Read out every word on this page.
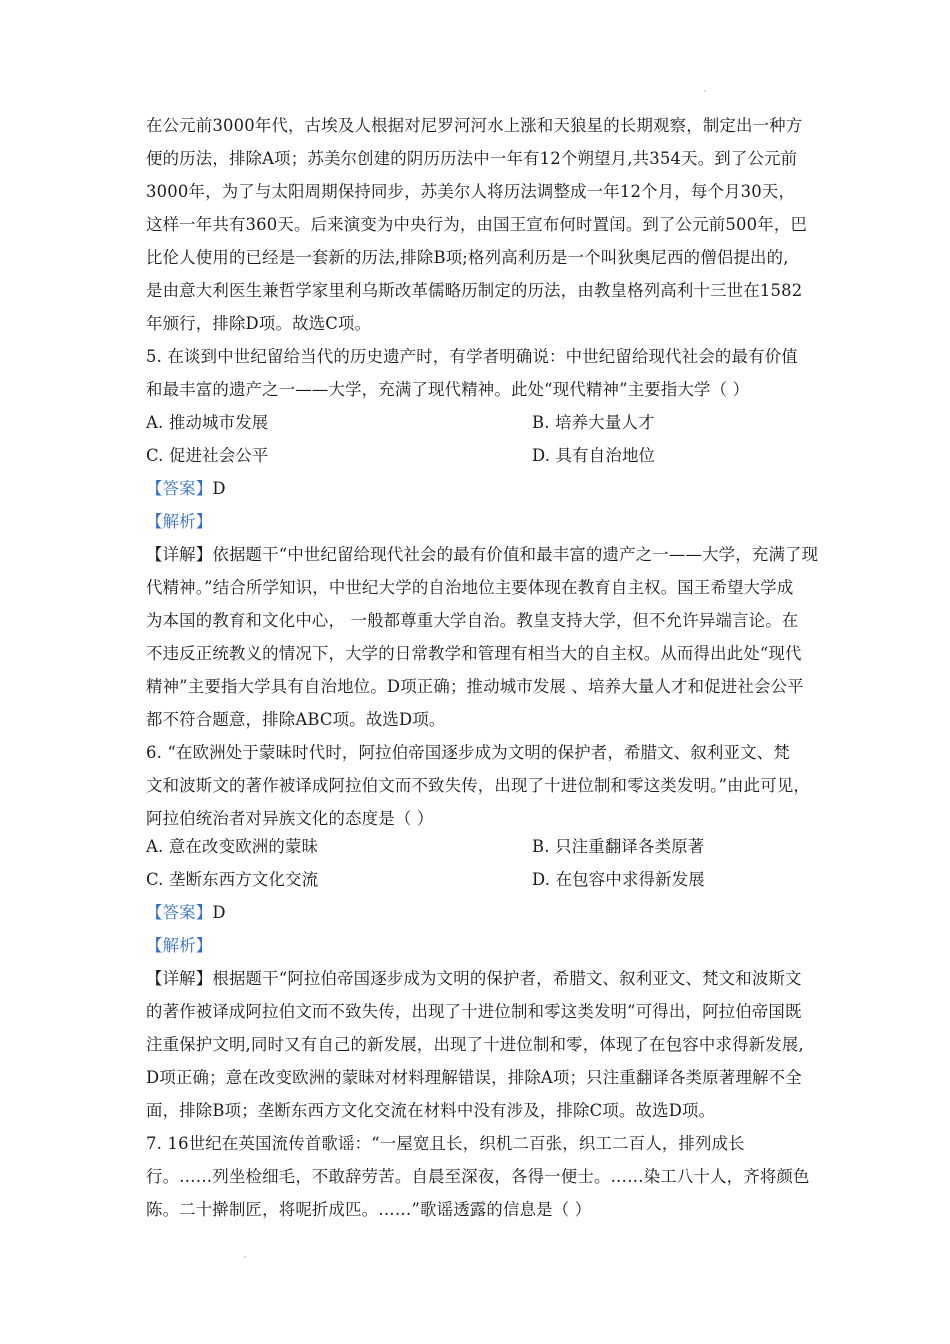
在公元前3000年代，古埃及人根据对尼罗河河水上涨和天狼星的长期观察，制定出一种方
便的历法，排除A项；苏美尔创建的阴历历法中一年有12个朔望月,共354天。到了公元前
3000年，为了与太阳周期保持同步，苏美尔人将历法调整成一年12个月，每个月30天，
这样一年共有360天。后来演变为中央行为，由国王宣布何时置闰。到了公元前500年，巴
比伦人使用的已经是一套新的历法,排除B项;格列高利历是一个叫狄奥尼西的僧侣提出的,
是由意大利医生兼哲学家里利乌斯改革儒略历制定的历法，由教皇格列高利十三世在1582
年颁行，排除D项。故选C项。
5. 在谈到中世纪留给当代的历史遗产时，有学者明确说：中世纪留给现代社会的最有价值
和最丰富的遗产之一——大学，充满了现代精神。此处“现代精神”主要指大学（ ）
A. 推动城市发展	B. 培养大量人才
C. 促进社会公平	D. 具有自治地位
【答案】D
【解析】
【详解】依据题干“中世纪留给现代社会的最有价值和最丰富的遗产之一——大学，充满了现
代精神。”结合所学知识，中世纪大学的自治地位主要体现在教育自主权。国王希望大学成
为本国的教育和文化中心， 一般都尊重大学自治。教皇支持大学，但不允许异端言论。在
不违反正统教义的情况下，大学的日常教学和管理有相当大的自主权。从而得出此处“现代
精神”主要指大学具有自治地位。D项正确；推动城市发展 、培养大量人才和促进社会公平
都不符合题意，排除ABC项。故选D项。
6. “在欧洲处于蒙昧时代时，阿拉伯帝国逐步成为文明的保护者，希腊文、叙利亚文、梵
文和波斯文的著作被译成阿拉伯文而不致失传，出现了十进位制和零这类发明。”由此可见，
阿拉伯统治者对异族文化的态度是（ ）
A. 意在改变欧洲的蒙昧	B. 只注重翻译各类原著
C. 垄断东西方文化交流	D. 在包容中求得新发展
【答案】D
【解析】
【详解】根据题干“阿拉伯帝国逐步成为文明的保护者，希腊文、叙利亚文、梵文和波斯文
的著作被译成阿拉伯文而不致失传，出现了十进位制和零这类发明”可得出，阿拉伯帝国既
注重保护文明,同时又有自己的新发展，出现了十进位制和零，体现了在包容中求得新发展,
D项正确；意在改变欧洲的蒙昧对材料理解错误，排除A项；只注重翻译各类原著理解不全
面，排除B项；垄断东西方文化交流在材料中没有涉及，排除C项。故选D项。
7. 16世纪在英国流传首歌谣：“一屋宽且长，织机二百张，织工二百人，排列成长
行。……列坐检细毛，不敢辞劳苦。自晨至深夜，各得一便士。……染工八十人，齐将颜色
陈。二十擀制匠，将呢折成匹。……”歌谣透露的信息是（ ）
